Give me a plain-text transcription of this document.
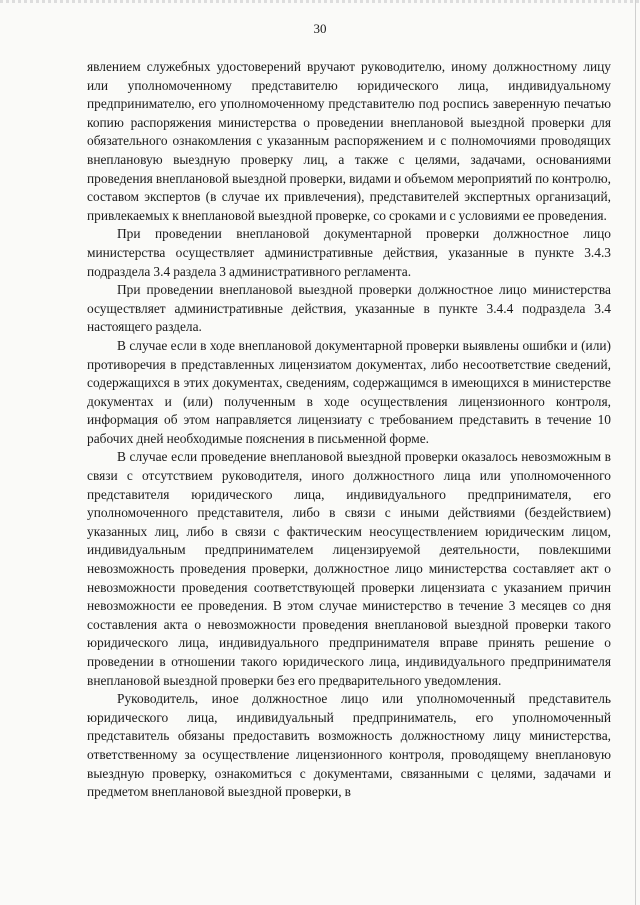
30

явлением служебных удостоверений вручают руководителю, иному должностному лицу или уполномоченному представителю юридического лица, индивидуальному предпринимателю, его уполномоченному представителю под роспись заверенную печатью копию распоряжения министерства о проведении внеплановой выездной проверки для обязательного ознакомления с указанным распоряжением и с полномочиями проводящих внеплановую выездную проверку лиц, а также с целями, задачами, основаниями проведения внеплановой выездной проверки, видами и объемом мероприятий по контролю, составом экспертов (в случае их привлечения), представителей экспертных организаций, привлекаемых к внеплановой выездной проверке, со сроками и с условиями ее проведения.

При проведении внеплановой документарной проверки должностное лицо министерства осуществляет административные действия, указанные в пункте 3.4.3 подраздела 3.4 раздела 3 административного регламента.

При проведении внеплановой выездной проверки должностное лицо министерства осуществляет административные действия, указанные в пункте 3.4.4 подраздела 3.4 настоящего раздела.

В случае если в ходе внеплановой документарной проверки выявлены ошибки и (или) противоречия в представленных лицензиатом документах, либо несоответствие сведений, содержащихся в этих документах, сведениям, содержащимся в имеющихся в министерстве документах и (или) полученным в ходе осуществления лицензионного контроля, информация об этом направляется лицензиату с требованием представить в течение 10 рабочих дней необходимые пояснения в письменной форме.

В случае если проведение внеплановой выездной проверки оказалось невозможным в связи с отсутствием руководителя, иного должностного лица или уполномоченного представителя юридического лица, индивидуального предпринимателя, его уполномоченного представителя, либо в связи с иными действиями (бездействием) указанных лиц, либо в связи с фактическим неосуществлением юридическим лицом, индивидуальным предпринимателем лицензируемой деятельности, повлекшими невозможность проведения проверки, должностное лицо министерства составляет акт о невозможности проведения соответствующей проверки лицензиата с указанием причин невозможности ее проведения. В этом случае министерство в течение 3 месяцев со дня составления акта о невозможности проведения внеплановой выездной проверки такого юридического лица, индивидуального предпринимателя вправе принять решение о проведении в отношении такого юридического лица, индивидуального предпринимателя внеплановой выездной проверки без его предварительного уведомления.

Руководитель, иное должностное лицо или уполномоченный представитель юридического лица, индивидуальный предприниматель, его уполномоченный представитель обязаны предоставить возможность должностному лицу министерства, ответственному за осуществление лицензионного контроля, проводящему внеплановую выездную проверку, ознакомиться с документами, связанными с целями, задачами и предметом внеплановой выездной проверки, в
